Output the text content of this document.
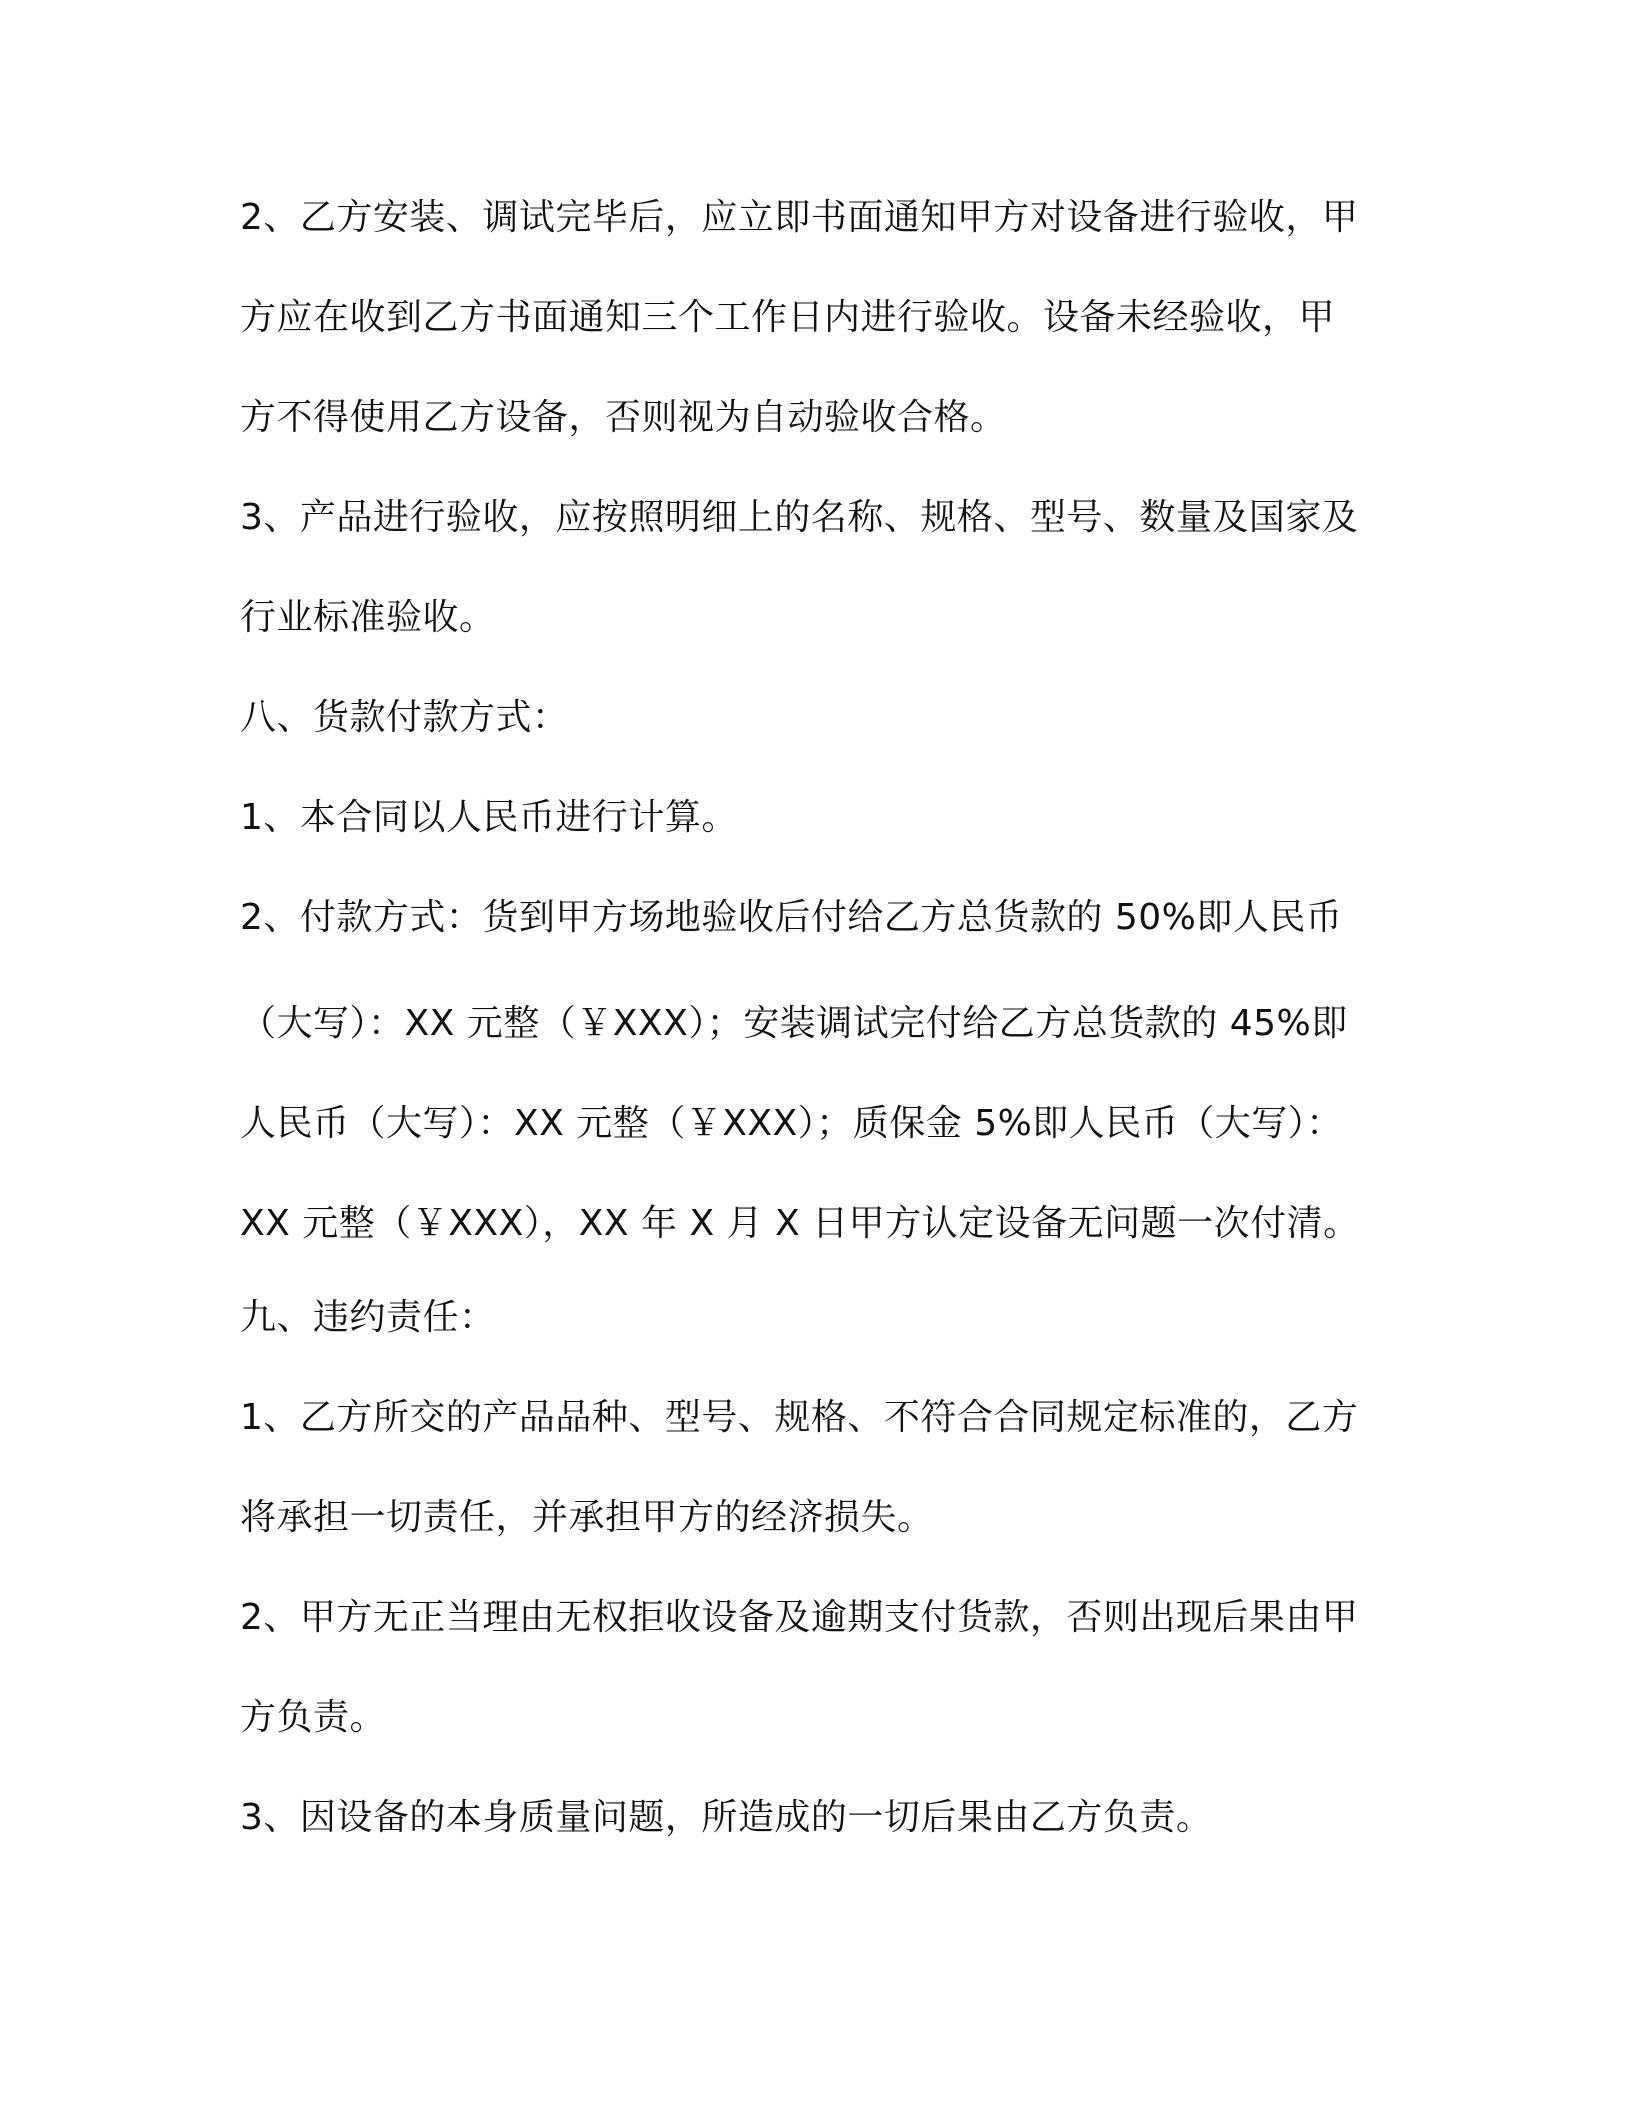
2、乙方安装、调试完毕后，应立即书面通知甲方对设备进行验收，甲
方应在收到乙方书面通知三个工作日内进行验收。设备未经验收，甲
方不得使用乙方设备，否则视为自动验收合格。
3、产品进行验收，应按照明细上的名称、规格、型号、数量及国家及
行业标准验收。
八、货款付款方式：
1、本合同以人民币进行计算。
2、付款方式：货到甲方场地验收后付给乙方总货款的 50%即人民币
（大写）：XX 元整（￥XXX）；安装调试完付给乙方总货款的 45%即
人民币（大写）：XX 元整（￥XXX）；质保金 5%即人民币（大写）：
XX 元整（￥XXX），XX 年 X 月 X 日甲方认定设备无问题一次付清。
九、违约责任：
1、乙方所交的产品品种、型号、规格、不符合合同规定标准的，乙方
将承担一切责任，并承担甲方的经济损失。
2、甲方无正当理由无权拒收设备及逾期支付货款，否则出现后果由甲
方负责。
3、因设备的本身质量问题，所造成的一切后果由乙方负责。
